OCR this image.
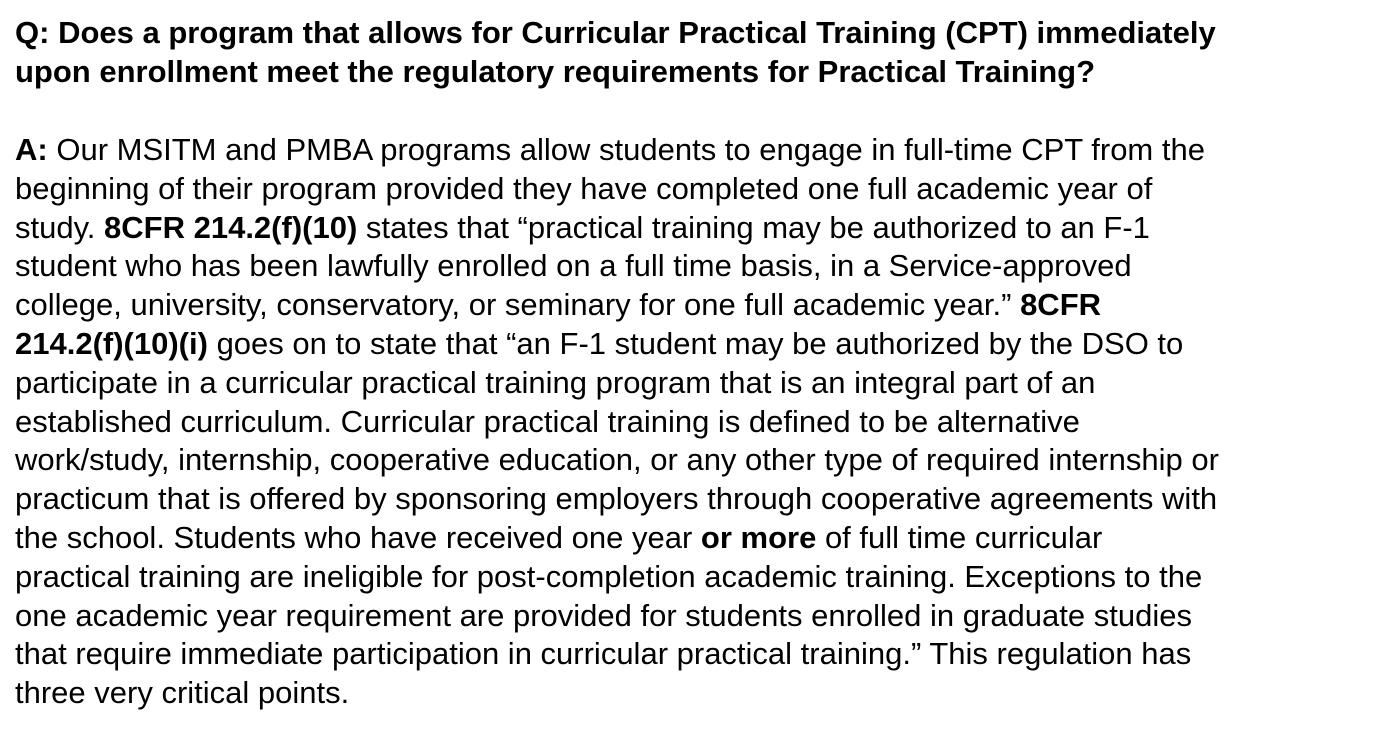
Q: Does a program that allows for Curricular Practical Training (CPT) immediately
upon enrollment meet the regulatory requirements for Practical Training?
A: Our MSITM and PMBA programs allow students to engage in full-time CPT from the
beginning of their program provided they have completed one full academic year of
study. 8CFR 214.2(f)(10) states that “practical training may be authorized to an F-1
student who has been lawfully enrolled on a full time basis, in a Service-approved
college, university, conservatory, or seminary for one full academic year.” 8CFR
214.2(f)(10)(i) goes on to state that “an F-1 student may be authorized by the DSO to
participate in a curricular practical training program that is an integral part of an
established curriculum. Curricular practical training is defined to be alternative
work/study, internship, cooperative education, or any other type of required internship or
practicum that is offered by sponsoring employers through cooperative agreements with
the school. Students who have received one year or more of full time curricular
practical training are ineligible for post-completion academic training. Exceptions to the
one academic year requirement are provided for students enrolled in graduate studies
that require immediate participation in curricular practical training.” This regulation has
three very critical points.
